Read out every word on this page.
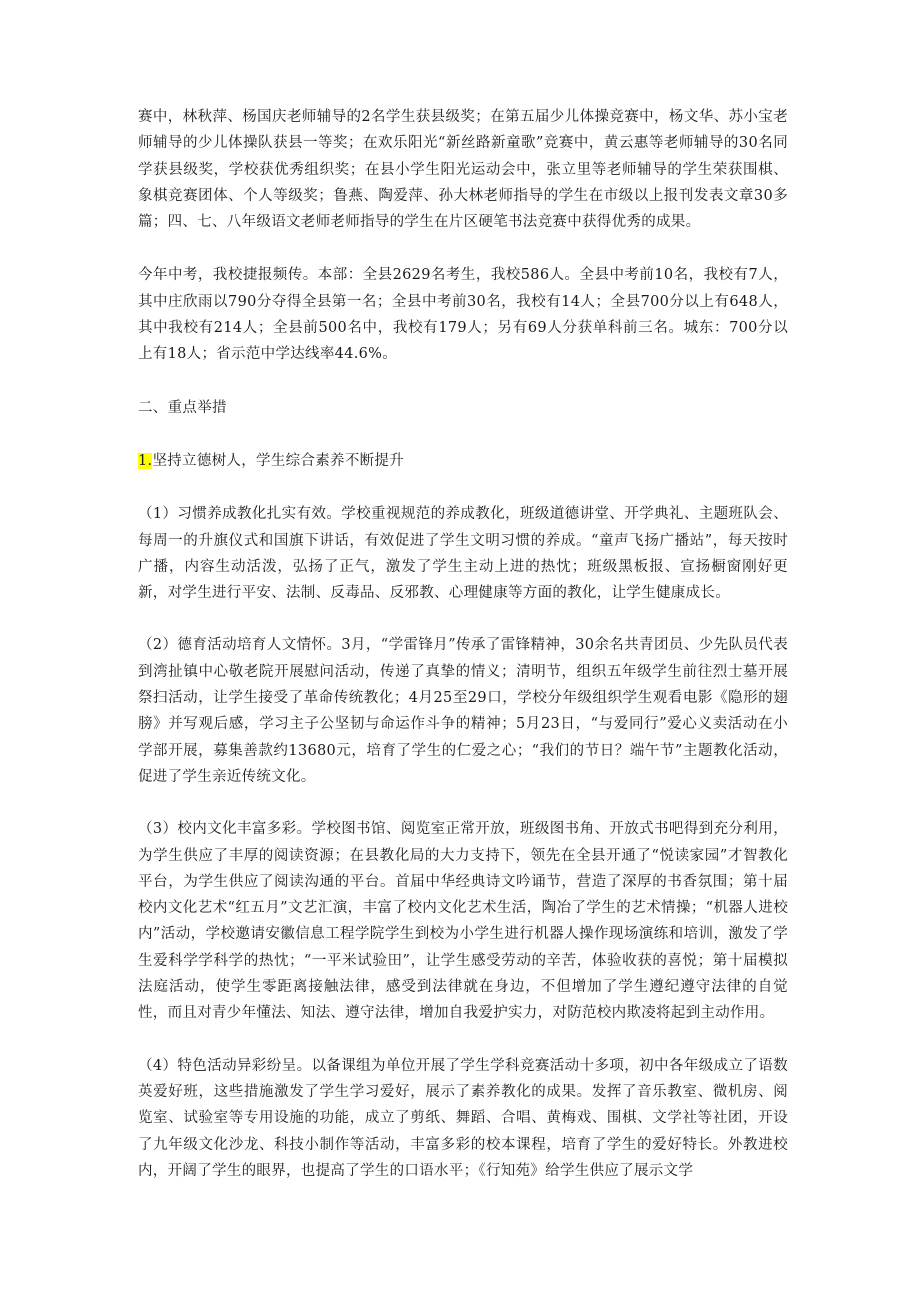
赛中，林秋萍、杨国庆老师辅导的2名学生获县级奖；在第五届少儿体操竞赛中，杨文华、苏小宝老师辅导的少儿体操队获县一等奖；在欢乐阳光“新丝路新童歌”竞赛中，黄云惠等老师辅导的30名同学获县级奖，学校获优秀组织奖；在县小学生阳光运动会中，张立里等老师辅导的学生荣获围棋、象棋竞赛团体、个人等级奖；鲁燕、陶爱萍、孙大林老师指导的学生在市级以上报刊发表文章30多篇；四、七、八年级语文老师老师指导的学生在片区硬笔书法竞赛中获得优秀的成果。

今年中考，我校捷报频传。本部：全县2629名考生，我校586人。全县中考前10名，我校有7人，其中庄欣雨以790分夺得全县第一名；全县中考前30名，我校有14人；全县700分以上有648人，其中我校有214人；全县前500名中，我校有179人；另有69人分获单科前三名。城东：700分以上有18人；省示范中学达线率44.6%。

二、重点举措

1.坚持立德树人，学生综合素养不断提升

（1）习惯养成教化扎实有效。学校重视规范的养成教化，班级道德讲堂、开学典礼、主题班队会、每周一的升旗仪式和国旗下讲话，有效促进了学生文明习惯的养成。“童声飞扬广播站”，每天按时广播，内容生动活泼，弘扬了正气，激发了学生主动上进的热忱；班级黑板报、宣扬橱窗刚好更新，对学生进行平安、法制、反毒品、反邪教、心理健康等方面的教化，让学生健康成长。

（2）德育活动培育人文情怀。3月，“学雷锋月”传承了雷锋精神，30余名共青团员、少先队员代表到湾扯镇中心敬老院开展慰问活动，传递了真挚的情义；清明节，组织五年级学生前往烈士墓开展祭扫活动，让学生接受了革命传统教化；4月25至29口，学校分年级组织学生观看电影《隐形的翅膀》并写观后感，学习主子公坚韧与命运作斗争的精神；5月23日，“与爱同行”爱心义卖活动在小学部开展，募集善款约13680元，培育了学生的仁爱之心；“我们的节日？端午节”主题教化活动，促进了学生亲近传统文化。

（3）校内文化丰富多彩。学校图书馆、阅览室正常开放，班级图书角、开放式书吧得到充分利用，为学生供应了丰厚的阅读资源；在县教化局的大力支持下，领先在全县开通了“悦读家园”才智教化平台，为学生供应了阅读沟通的平台。首届中华经典诗文吟诵节，营造了深厚的书香氛围；第十届校内文化艺术“红五月”文艺汇演，丰富了校内文化艺术生活，陶冶了学生的艺术情操；“机器人进校内”活动，学校邀请安徽信息工程学院学生到校为小学生进行机器人操作现场演练和培训，激发了学生爱科学学科学的热忱；“一平米试验田”，让学生感受劳动的辛苦，体验收获的喜悦；第十届模拟法庭活动，使学生零距离接触法律，感受到法律就在身边，不但增加了学生遵纪遵守法律的自觉性，而且对青少年懂法、知法、遵守法律，增加自我爱护实力，对防范校内欺凌将起到主动作用。

（4）特色活动异彩纷呈。以备课组为单位开展了学生学科竞赛活动十多项，初中各年级成立了语数英爱好班，这些措施激发了学生学习爱好，展示了素养教化的成果。发挥了音乐教室、微机房、阅览室、试验室等专用设施的功能，成立了剪纸、舞蹈、合唱、黄梅戏、围棋、文学社等社团，开设了九年级文化沙龙、科技小制作等活动，丰富多彩的校本课程，培育了学生的爱好特长。外教进校内，开阔了学生的眼界，也提高了学生的口语水平；《行知苑》给学生供应了展示文学
